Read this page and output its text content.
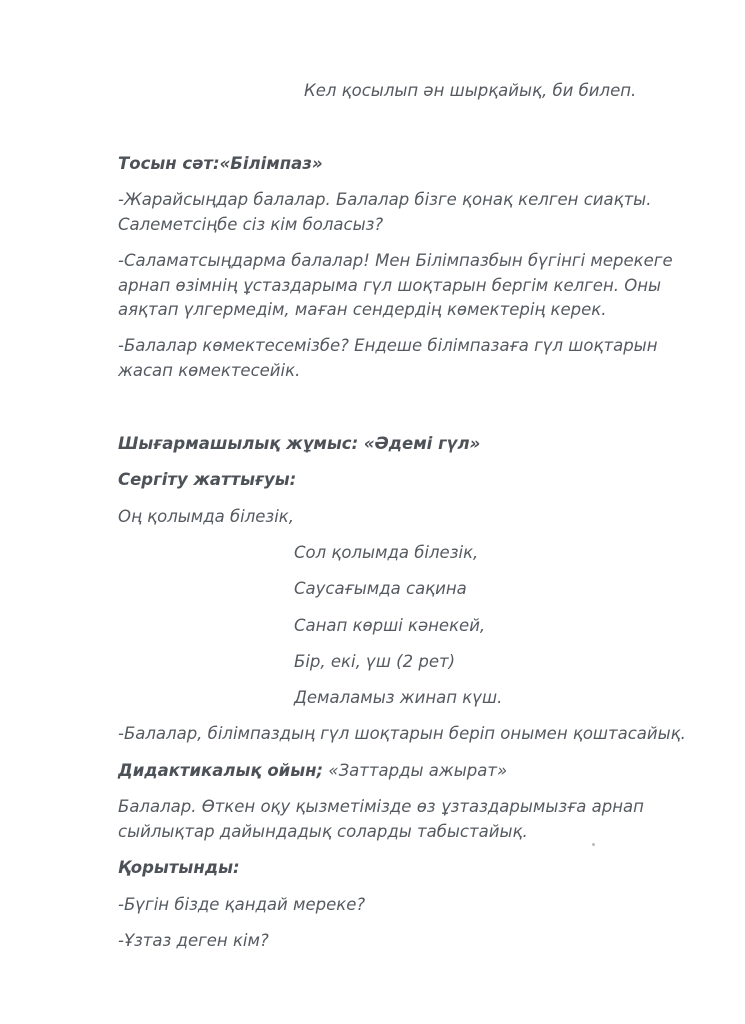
Кел қосылып ән шырқайық, би билеп.
Тосын сәт:«Білімпаз»
-Жарайсыңдар балалар. Балалар бізге қонақ келген сиақты.
Салеметсіңбе сіз кім боласыз?
-Саламатсыңдарма балалар! Мен Білімпазбын бүгінгі мерекеге
арнап өзімнің ұстаздарыма гүл шоқтарын бергім келген. Оны
аяқтап үлгермедім, маған сендердің көмектерің керек.
-Балалар көмектесемізбе? Ендеше білімпазаға гүл шоқтарын
жасап көмектесейік.
Шығармашылық жұмыс: «Әдемі гүл»
Сергіту жаттығуы:
Оң қолымда білезік,
Сол қолымда білезік,
Саусағымда сақина
Санап көрші кәнекей,
Бір, екі, үш (2 рет)
Демаламыз жинап күш.
-Балалар, білімпаздың гүл шоқтарын беріп онымен қоштасайық.
Дидактикалық ойын; «Заттарды ажырат»
Балалар. Өткен оқу қызметімізде өз ұзтаздарымызға арнап
сыйлықтар дайындадық соларды табыстайық.
Қорытынды:
-Бүгін бізде қандай мереке?
-Ұзтаз деген кім?
